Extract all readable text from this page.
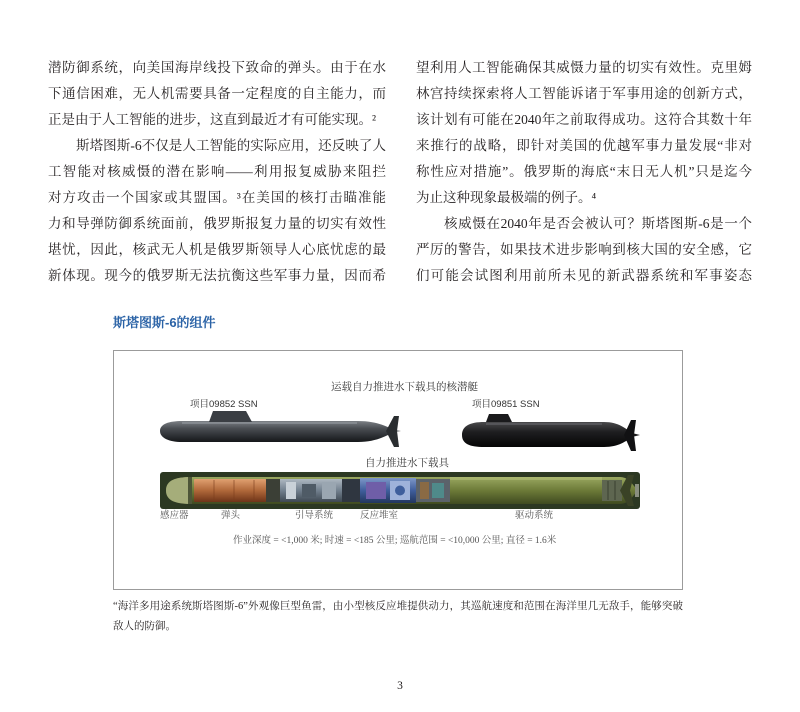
潜防御系统，向美国海岸线投下致命的弹头。由于在水
下通信困难，无人机需要具备一定程度的自主能力，而
正是由于人工智能的进步，这直到最近才有可能实现。²
斯塔图斯-6不仅是人工智能的实际应用，还反映了人
工智能对核威慑的潜在影响——利用报复威胁来阻拦
对方攻击一个国家或其盟国。³在美国的核打击瞄准能
力和导弹防御系统面前，俄罗斯报复力量的切实有效性
堪忧，因此，核武无人机是俄罗斯领导人心底忧虑的最
新体现。现今的俄罗斯无法抗衡这些军事力量，因而希
望利用人工智能确保其威慑力量的切实有效性。克里姆
林宫持续探索将人工智能诉诸于军事用途的创新方式，
该计划有可能在2040年之前取得成功。这符合其数十年
来推行的战略，即针对美国的优越军事力量发展“非对
称性应对措施”。俄罗斯的海底“末日无人机”只是迄今
为止这种现象最极端的例子。⁴
核威慑在2040年是否会被认可？斯塔图斯-6是一个
严厉的警告，如果技术进步影响到核大国的安全感，它
们可能会试图利用前所未见的新武器系统和军事姿态
斯塔图斯-6的组件
运载自力推进水下载具的核潜艇
项目09852 SSN	项目09851 SSN
自力推进水下载具
感应器	弹头	引导系统	反应堆室	驱动系统
作业深度 = <1,000 米; 时速 = <185 公里; 巡航范围 = <10,000 公里; 直径 = 1.6米
“海洋多用途系统斯塔图斯-6”外观像巨型鱼雷，由小型核反应堆提供动力，其巡航速度和范围在海洋里几无敌手，能够突破
敌人的防御。
3
